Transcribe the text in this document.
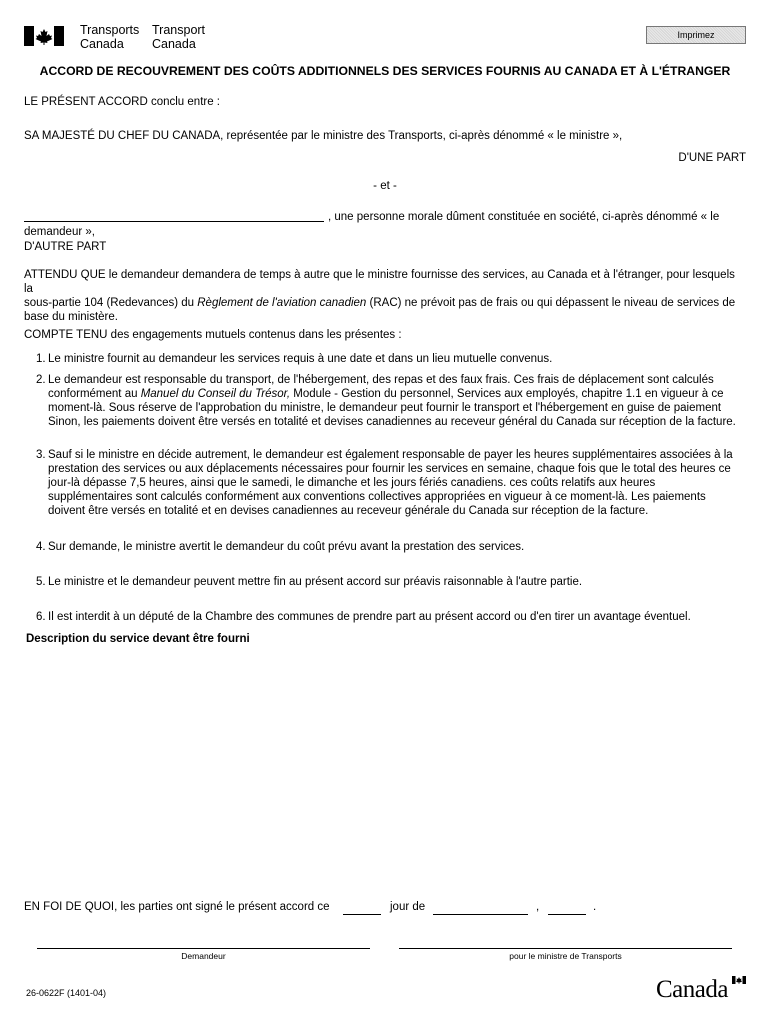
Transports
Canada
Transport
Canada
Imprimez
ACCORD DE RECOUVREMENT DES COÛTS ADDITIONNELS DES SERVICES FOURNIS AU CANADA ET À L'ÉTRANGER
LE PRÉSENT ACCORD conclu entre :
SA MAJESTÉ DU CHEF DU CANADA, représentée par le ministre des Transports, ci-après dénommé « le ministre »,
D'UNE PART
- et -
, une personne morale dûment constituée en société, ci-après dénommé « le
demandeur »,
D'AUTRE PART
ATTENDU QUE le demandeur demandera de temps à autre que le ministre fournisse des services, au Canada et à l'étranger, pour lesquels la
sous-partie 104 (Redevances) du Règlement de l'aviation canadien (RAC) ne prévoit pas de frais ou qui dépassent le niveau de services de
base du ministère.
COMPTE TENU des engagements mutuels contenus dans les présentes :
1. Le ministre fournit au demandeur les services requis à une date et dans un lieu mutuelle convenus.
2. Le demandeur est responsable du transport, de l'hébergement, des repas et des faux frais. Ces frais de déplacement sont calculés conformément au Manuel du Conseil du Trésor, Module - Gestion du personnel, Services aux employés, chapitre 1.1 en vigueur à ce moment-là. Sous réserve de l'approbation du ministre, le demandeur peut fournir le transport et l'hébergement en guise de paiement Sinon, les paiements doivent être versés en totalité et devises canadiennes au receveur général du Canada sur réception de la facture.
3. Sauf si le ministre en décide autrement, le demandeur est également responsable de payer les heures supplémentaires associées à la prestation des services ou aux déplacements nécessaires pour fournir les services en semaine, chaque fois que le total des heures ce jour-là dépasse 7,5 heures, ainsi que le samedi, le dimanche et les jours fériés canadiens. ces coûts relatifs aux heures supplémentaires sont calculés conformément aux conventions collectives appropriées en vigueur à ce moment-là. Les paiements doivent être versés en totalité et en devises canadiennes au receveur générale du Canada sur réception de la facture.
4. Sur demande, le ministre avertit le demandeur du coût prévu avant la prestation des services.
5. Le ministre et le demandeur peuvent mettre fin au présent accord sur préavis raisonnable à l'autre partie.
6. Il est interdit à un député de la Chambre des communes de prendre part au présent accord ou d'en tirer un avantage éventuel.
Description du service devant être fourni
EN FOI DE QUOI, les parties ont signé le présent accord ce	jour de	,	.
Demandeur	pour le ministre de Transports
26-0622F (1401-04)	Canada
